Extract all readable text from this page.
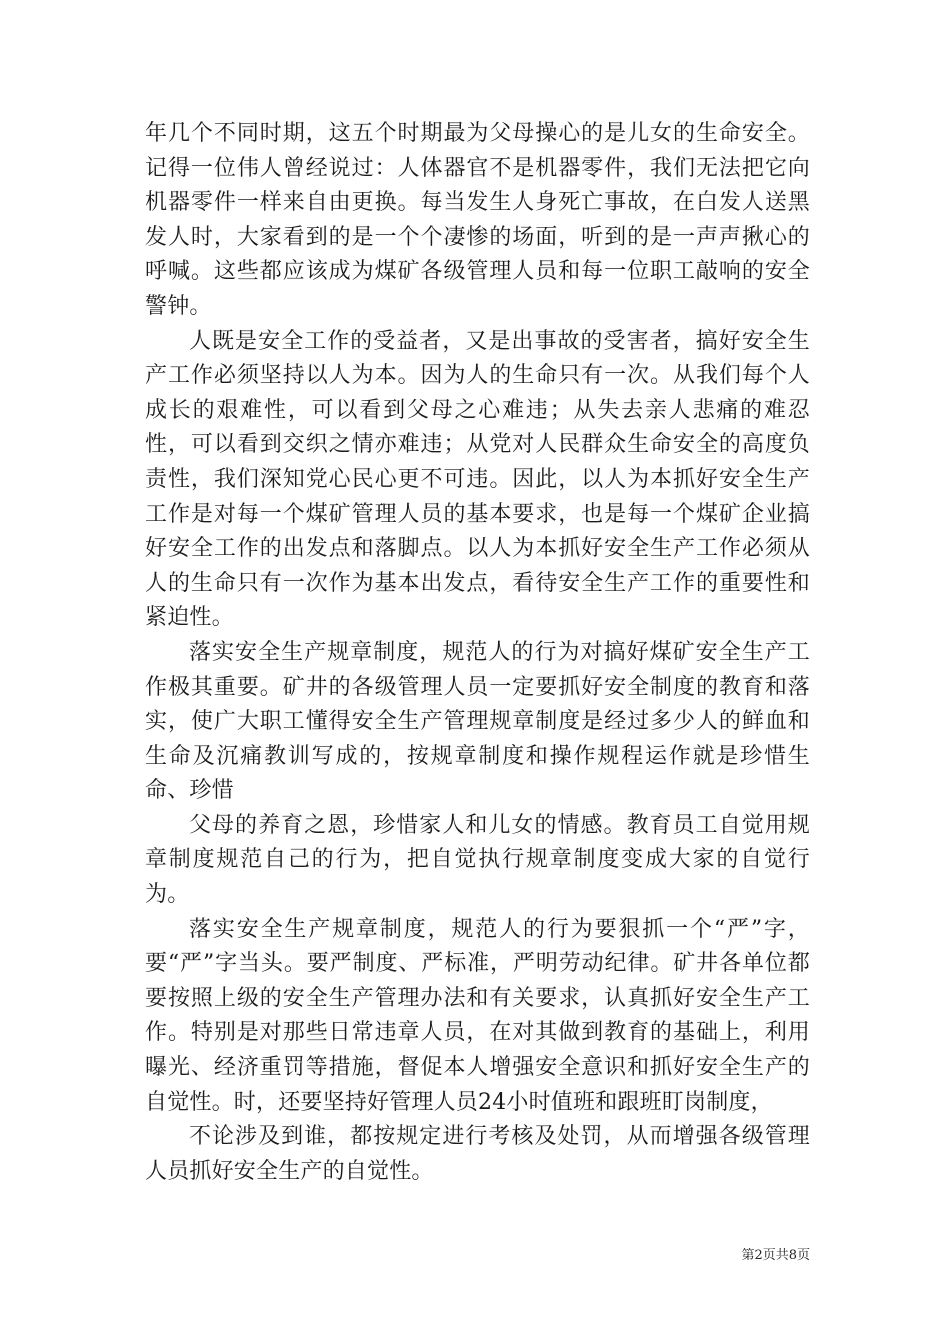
年几个不同时期，这五个时期最为父母操心的是儿女的生命安全。记得一位伟人曾经说过：人体器官不是机器零件，我们无法把它向机器零件一样来自由更换。每当发生人身死亡事故，在白发人送黑发人时，大家看到的是一个个凄惨的场面，听到的是一声声揪心的呼喊。这些都应该成为煤矿各级管理人员和每一位职工敲响的安全警钟。

人既是安全工作的受益者，又是出事故的受害者，搞好安全生产工作必须坚持以人为本。因为人的生命只有一次。从我们每个人成长的艰难性，可以看到父母之心难违；从失去亲人悲痛的难忍性，可以看到交织之情亦难违；从党对人民群众生命安全的高度负责性，我们深知党心民心更不可违。因此，以人为本抓好安全生产工作是对每一个煤矿管理人员的基本要求，也是每一个煤矿企业搞好安全工作的出发点和落脚点。以人为本抓好安全生产工作必须从人的生命只有一次作为基本出发点，看待安全生产工作的重要性和紧迫性。

落实安全生产规章制度，规范人的行为对搞好煤矿安全生产工作极其重要。矿井的各级管理人员一定要抓好安全制度的教育和落实，使广大职工懂得安全生产管理规章制度是经过多少人的鲜血和生命及沉痛教训写成的，按规章制度和操作规程运作就是珍惜生命、珍惜

父母的养育之恩，珍惜家人和儿女的情感。教育员工自觉用规章制度规范自己的行为，把自觉执行规章制度变成大家的自觉行为。

落实安全生产规章制度，规范人的行为要狠抓一个“严”字，要“严”字当头。要严制度、严标准，严明劳动纪律。矿井各单位都要按照上级的安全生产管理办法和有关要求，认真抓好安全生产工作。特别是对那些日常违章人员，在对其做到教育的基础上，利用曝光、经济重罚等措施，督促本人增强安全意识和抓好安全生产的自觉性。时，还要坚持好管理人员24小时值班和跟班盯岗制度，

不论涉及到谁，都按规定进行考核及处罚，从而增强各级管理人员抓好安全生产的自觉性。

第2页共8页
